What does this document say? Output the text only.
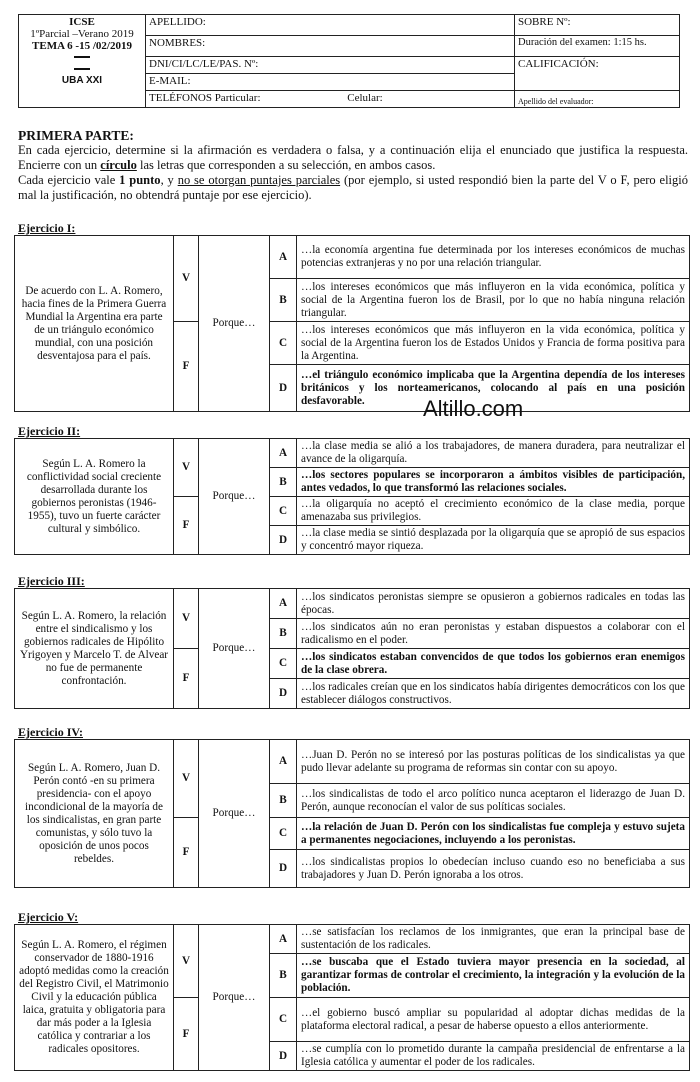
ICSE
1ºParcial –Verano 2019
TEMA 6 -15 /02/2019

UBA XXI	APELLIDO:	SOBRE Nº:
	NOMBRES:	Duración del examen: 1:15 hs.
	DNI/CI/LC/LE/PAS. Nº:	CALIFICACIÓN:
	E-MAIL:	
	TELÉFONOS Particular: Celular:	Apellido del evaluador:
PRIMERA PARTE:

En cada ejercicio, determine si la afirmación es verdadera o falsa, y a continuación elija el enunciado que justifica la respuesta. Encierre con un círculo las letras que corresponden a su selección, en ambos casos.

Cada ejercicio vale 1 punto, y no se otorgan puntajes parciales (por ejemplo, si usted respondió bien la parte del V o F, pero eligió mal la justificación, no obtendrá puntaje por ese ejercicio).

Ejercicio I:
De acuerdo con L. A. Romero, hacia fines de la Primera Guerra Mundial la Argentina era parte de un triángulo económico mundial, con una posición desventajosa para el país.	V	Porque…	A	…la economía argentina fue determinada por los intereses económicos de muchas potencias extranjeras y no por una relación triangular.
			B	…los intereses económicos que más influyeron en la vida económica, política y social de la Argentina fueron los de Brasil, por lo que no había ninguna relación triangular.
	F		C	…los intereses económicos que más influyeron en la vida económica, política y social de la Argentina fueron los de Estados Unidos y Francia de forma positiva para la Argentina.
			D	…el triángulo económico implicaba que la Argentina dependía de los intereses británicos y los norteamericanos, colocando al país en una posición desfavorable.
Ejercicio II:
Según L. A. Romero la conflictividad social creciente desarrollada durante los gobiernos peronistas (1946-1955), tuvo un fuerte carácter cultural y simbólico.	V	Porque…	A	…la clase media se alió a los trabajadores, de manera duradera, para neutralizar el avance de la oligarquía.
			B	…los sectores populares se incorporaron a ámbitos visibles de participación, antes vedados, lo que transformó las relaciones sociales.
	F		C	…la oligarquía no aceptó el crecimiento económico de la clase media, porque amenazaba sus privilegios.
			D	…la clase media se sintió desplazada por la oligarquía que se apropió de sus espacios y concentró mayor riqueza.
Ejercicio III:
Según L. A. Romero, la relación entre el sindicalismo y los gobiernos radicales de Hipólito Yrigoyen y Marcelo T. de Alvear no fue de permanente confrontación.	V	Porque…	A	…los sindicatos peronistas siempre se opusieron a gobiernos radicales en todas las épocas.
			B	…los sindicatos aún no eran peronistas y estaban dispuestos a colaborar con el radicalismo en el poder.
	F		C	…los sindicatos estaban convencidos de que todos los gobiernos eran enemigos de la clase obrera.
			D	…los radicales creían que en los sindicatos había dirigentes democráticos con los que establecer diálogos constructivos.
Ejercicio IV:
Según L. A. Romero, Juan D. Perón contó -en su primera presidencia- con el apoyo incondicional de la mayoría de los sindicalistas, en gran parte comunistas, y sólo tuvo la oposición de unos pocos rebeldes.	V	Porque…	A	…Juan D. Perón no se interesó por las posturas políticas de los sindicalistas ya que pudo llevar adelante su programa de reformas sin contar con su apoyo.
			B	…los sindicalistas de todo el arco político nunca aceptaron el liderazgo de Juan D. Perón, aunque reconocían el valor de sus políticas sociales.
	F		C	…la relación de Juan D. Perón con los sindicalistas fue compleja y estuvo sujeta a permanentes negociaciones, incluyendo a los peronistas.
			D	…los sindicalistas propios lo obedecían incluso cuando eso no beneficiaba a sus trabajadores y Juan D. Perón ignoraba a los otros.
Ejercicio V:
Según L. A. Romero, el régimen conservador de 1880-1916 adoptó medidas como la creación del Registro Civil, el Matrimonio Civil y la educación pública laica, gratuita y obligatoria para dar más poder a la Iglesia católica y contrariar a los radicales opositores.	V	Porque…	A	…se satisfacían los reclamos de los inmigrantes, que eran la principal base de sustentación de los radicales.
			B	…se buscaba que el Estado tuviera mayor presencia en la sociedad, al garantizar formas de controlar el crecimiento, la integración y la evolución de la población.
	F		C	…el gobierno buscó ampliar su popularidad al adoptar dichas medidas de la plataforma electoral radical, a pesar de haberse opuesto a ellos anteriormente.
			D	…se cumplía con lo prometido durante la campaña presidencial de enfrentarse a la Iglesia católica y aumentar el poder de los radicales.
Altillo.com
